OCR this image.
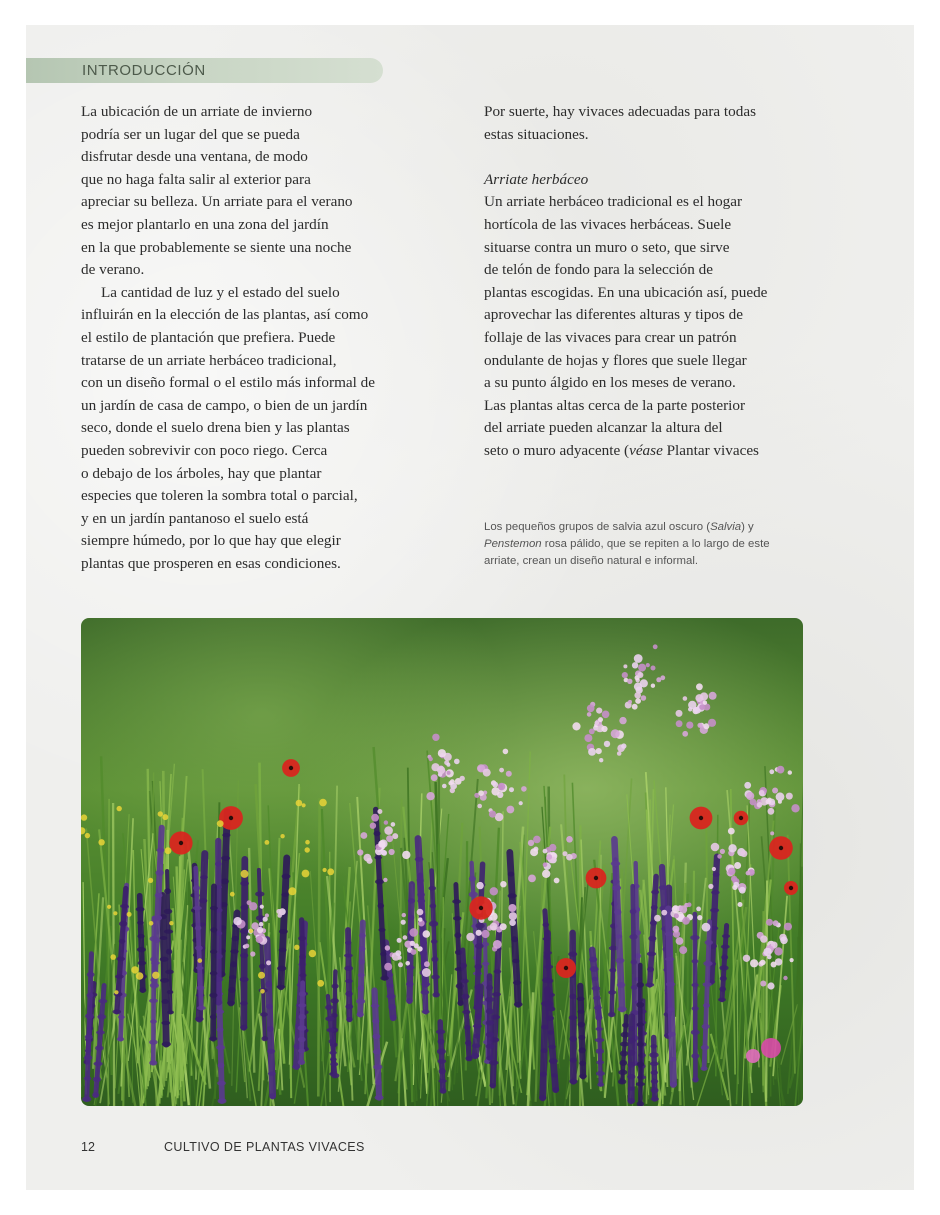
INTRODUCCIÓN
La ubicación de un arriate de invierno
podría ser un lugar del que se pueda
disfrutar desde una ventana, de modo
que no haga falta salir al exterior para
apreciar su belleza. Un arriate para el verano
es mejor plantarlo en una zona del jardín
en la que probablemente se siente una noche
de verano.
La cantidad de luz y el estado del suelo
influirán en la elección de las plantas, así como
el estilo de plantación que prefiera. Puede
tratarse de un arriate herbáceo tradicional,
con un diseño formal o el estilo más informal de
un jardín de casa de campo, o bien de un jardín
seco, donde el suelo drena bien y las plantas
pueden sobrevivir con poco riego. Cerca
o debajo de los árboles, hay que plantar
especies que toleren la sombra total o parcial,
y en un jardín pantanoso el suelo está
siempre húmedo, por lo que hay que elegir
plantas que prosperen en esas condiciones.
Por suerte, hay vivaces adecuadas para todas
estas situaciones.
Arriate herbáceo
Un arriate herbáceo tradicional es el hogar
hortícola de las vivaces herbáceas. Suele
situarse contra un muro o seto, que sirve
de telón de fondo para la selección de
plantas escogidas. En una ubicación así, puede
aprovechar las diferentes alturas y tipos de
follaje de las vivaces para crear un patrón
ondulante de hojas y flores que suele llegar
a su punto álgido en los meses de verano.
Las plantas altas cerca de la parte posterior
del arriate pueden alcanzar la altura del
seto o muro adyacente (véase Plantar vivaces
Los pequeños grupos de salvia azul oscuro (Salvia) y
Penstemon rosa pálido, que se repiten a lo largo de este
arriate, crean un diseño natural e informal.
12	CULTIVO DE PLANTAS VIVACES
